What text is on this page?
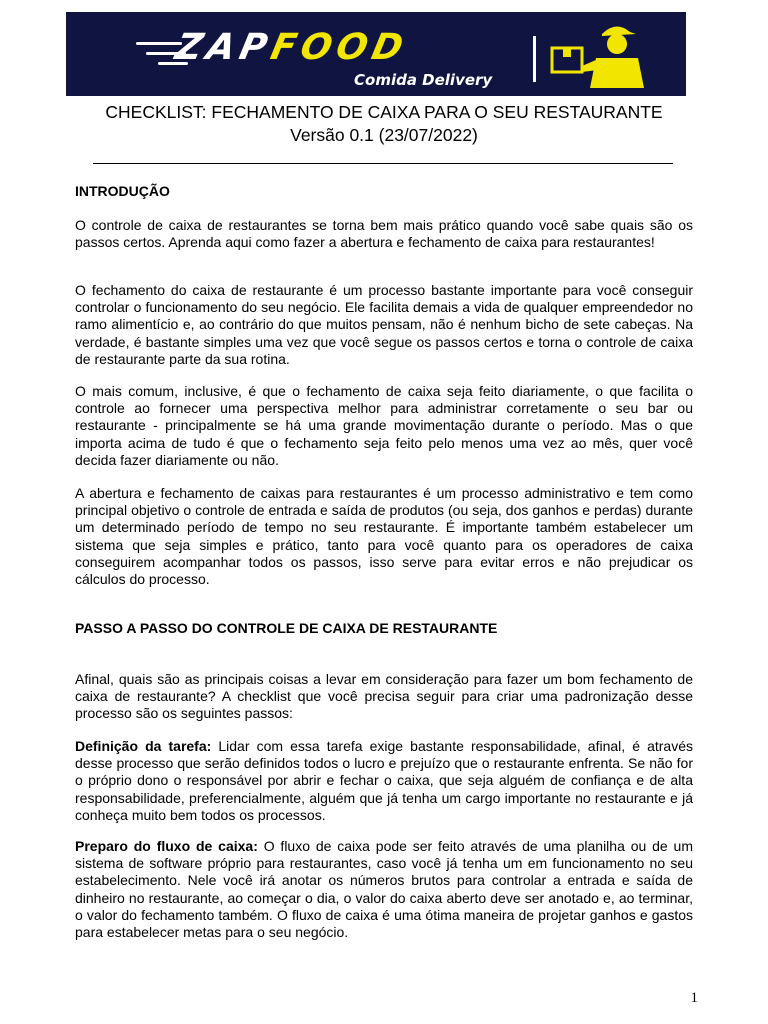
ZAPFOOD
Comida Delivery
CHECKLIST: FECHAMENTO DE CAIXA PARA O SEU RESTAURANTE
Versão 0.1 (23/07/2022)
INTRODUÇÃO

O controle de caixa de restaurantes se torna bem mais prático quando você sabe quais são os passos certos. Aprenda aqui como fazer a abertura e fechamento de caixa para restaurantes!

O fechamento do caixa de restaurante é um processo bastante importante para você conseguir controlar o funcionamento do seu negócio. Ele facilita demais a vida de qualquer empreendedor no ramo alimentício e, ao contrário do que muitos pensam, não é nenhum bicho de sete cabeças. Na verdade, é bastante simples uma vez que você segue os passos certos e torna o controle de caixa de restaurante parte da sua rotina.

O mais comum, inclusive, é que o fechamento de caixa seja feito diariamente, o que facilita o controle ao fornecer uma perspectiva melhor para administrar corretamente o seu bar ou restaurante - principalmente se há uma grande movimentação durante o período. Mas o que importa acima de tudo é que o fechamento seja feito pelo menos uma vez ao mês, quer você decida fazer diariamente ou não.

A abertura e fechamento de caixas para restaurantes é um processo administrativo e tem como principal objetivo o controle de entrada e saída de produtos (ou seja, dos ganhos e perdas) durante um determinado período de tempo no seu restaurante. É importante também estabelecer um sistema que seja simples e prático, tanto para você quanto para os operadores de caixa conseguirem acompanhar todos os passos, isso serve para evitar erros e não prejudicar os cálculos do processo.

PASSO A PASSO DO CONTROLE DE CAIXA DE RESTAURANTE

Afinal, quais são as principais coisas a levar em consideração para fazer um bom fechamento de caixa de restaurante? A checklist que você precisa seguir para criar uma padronização desse processo são os seguintes passos:

Definição da tarefa: Lidar com essa tarefa exige bastante responsabilidade, afinal, é através desse processo que serão definidos todos o lucro e prejuízo que o restaurante enfrenta. Se não for o próprio dono o responsável por abrir e fechar o caixa, que seja alguém de confiança e de alta responsabilidade, preferencialmente, alguém que já tenha um cargo importante no restaurante e já conheça muito bem todos os processos.

Preparo do fluxo de caixa: O fluxo de caixa pode ser feito através de uma planilha ou de um sistema de software próprio para restaurantes, caso você já tenha um em funcionamento no seu estabelecimento. Nele você irá anotar os números brutos para controlar a entrada e saída de dinheiro no restaurante, ao começar o dia, o valor do caixa aberto deve ser anotado e, ao terminar, o valor do fechamento também. O fluxo de caixa é uma ótima maneira de projetar ganhos e gastos para estabelecer metas para o seu negócio.

1
